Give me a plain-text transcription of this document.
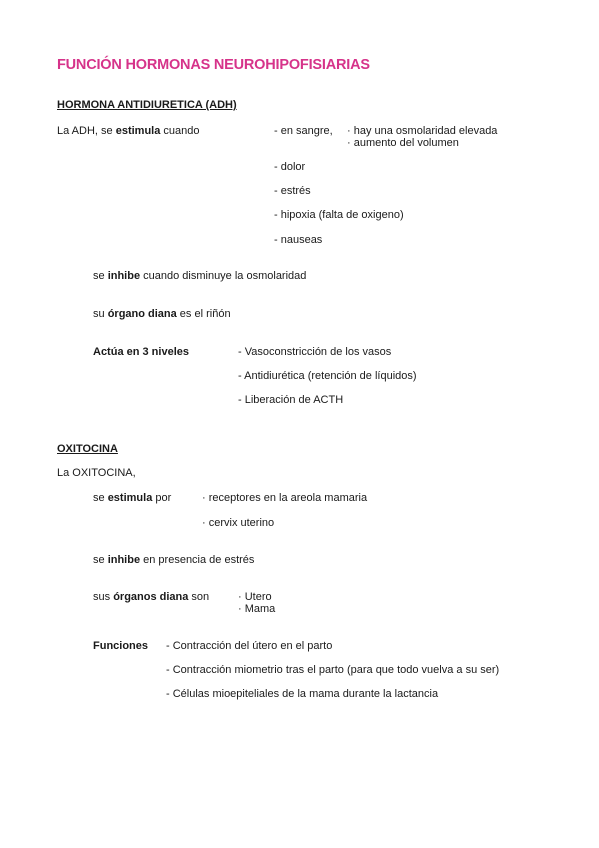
FUNCIÓN HORMONAS NEUROHIPOFISIARIAS
HORMONA ANTIDIURETICA (ADH)
La ADH, se estimula cuando	- en sangre, · hay una osmolaridad elevada
· aumento del volumen
- dolor
- estrés
- hipoxia (falta de oxigeno)
- nauseas
se inhibe cuando disminuye la osmolaridad
su órgano diana es el riñón
Actúa en 3 niveles	- Vasoconstricción de los vasos
- Antidiurética (retención de líquidos)
- Liberación de ACTH
OXITOCINA
La OXITOCINA,
se estimula por	· receptores en la areola mamaria
· cervix uterino
se inhibe en presencia de estrés
sus órganos diana son	· Utero
· Mama
Funciones - Contracción del útero en el parto
- Contracción miometrio tras el parto (para que todo vuelva a su ser)
- Células mioepiteliales de la mama durante la lactancia
